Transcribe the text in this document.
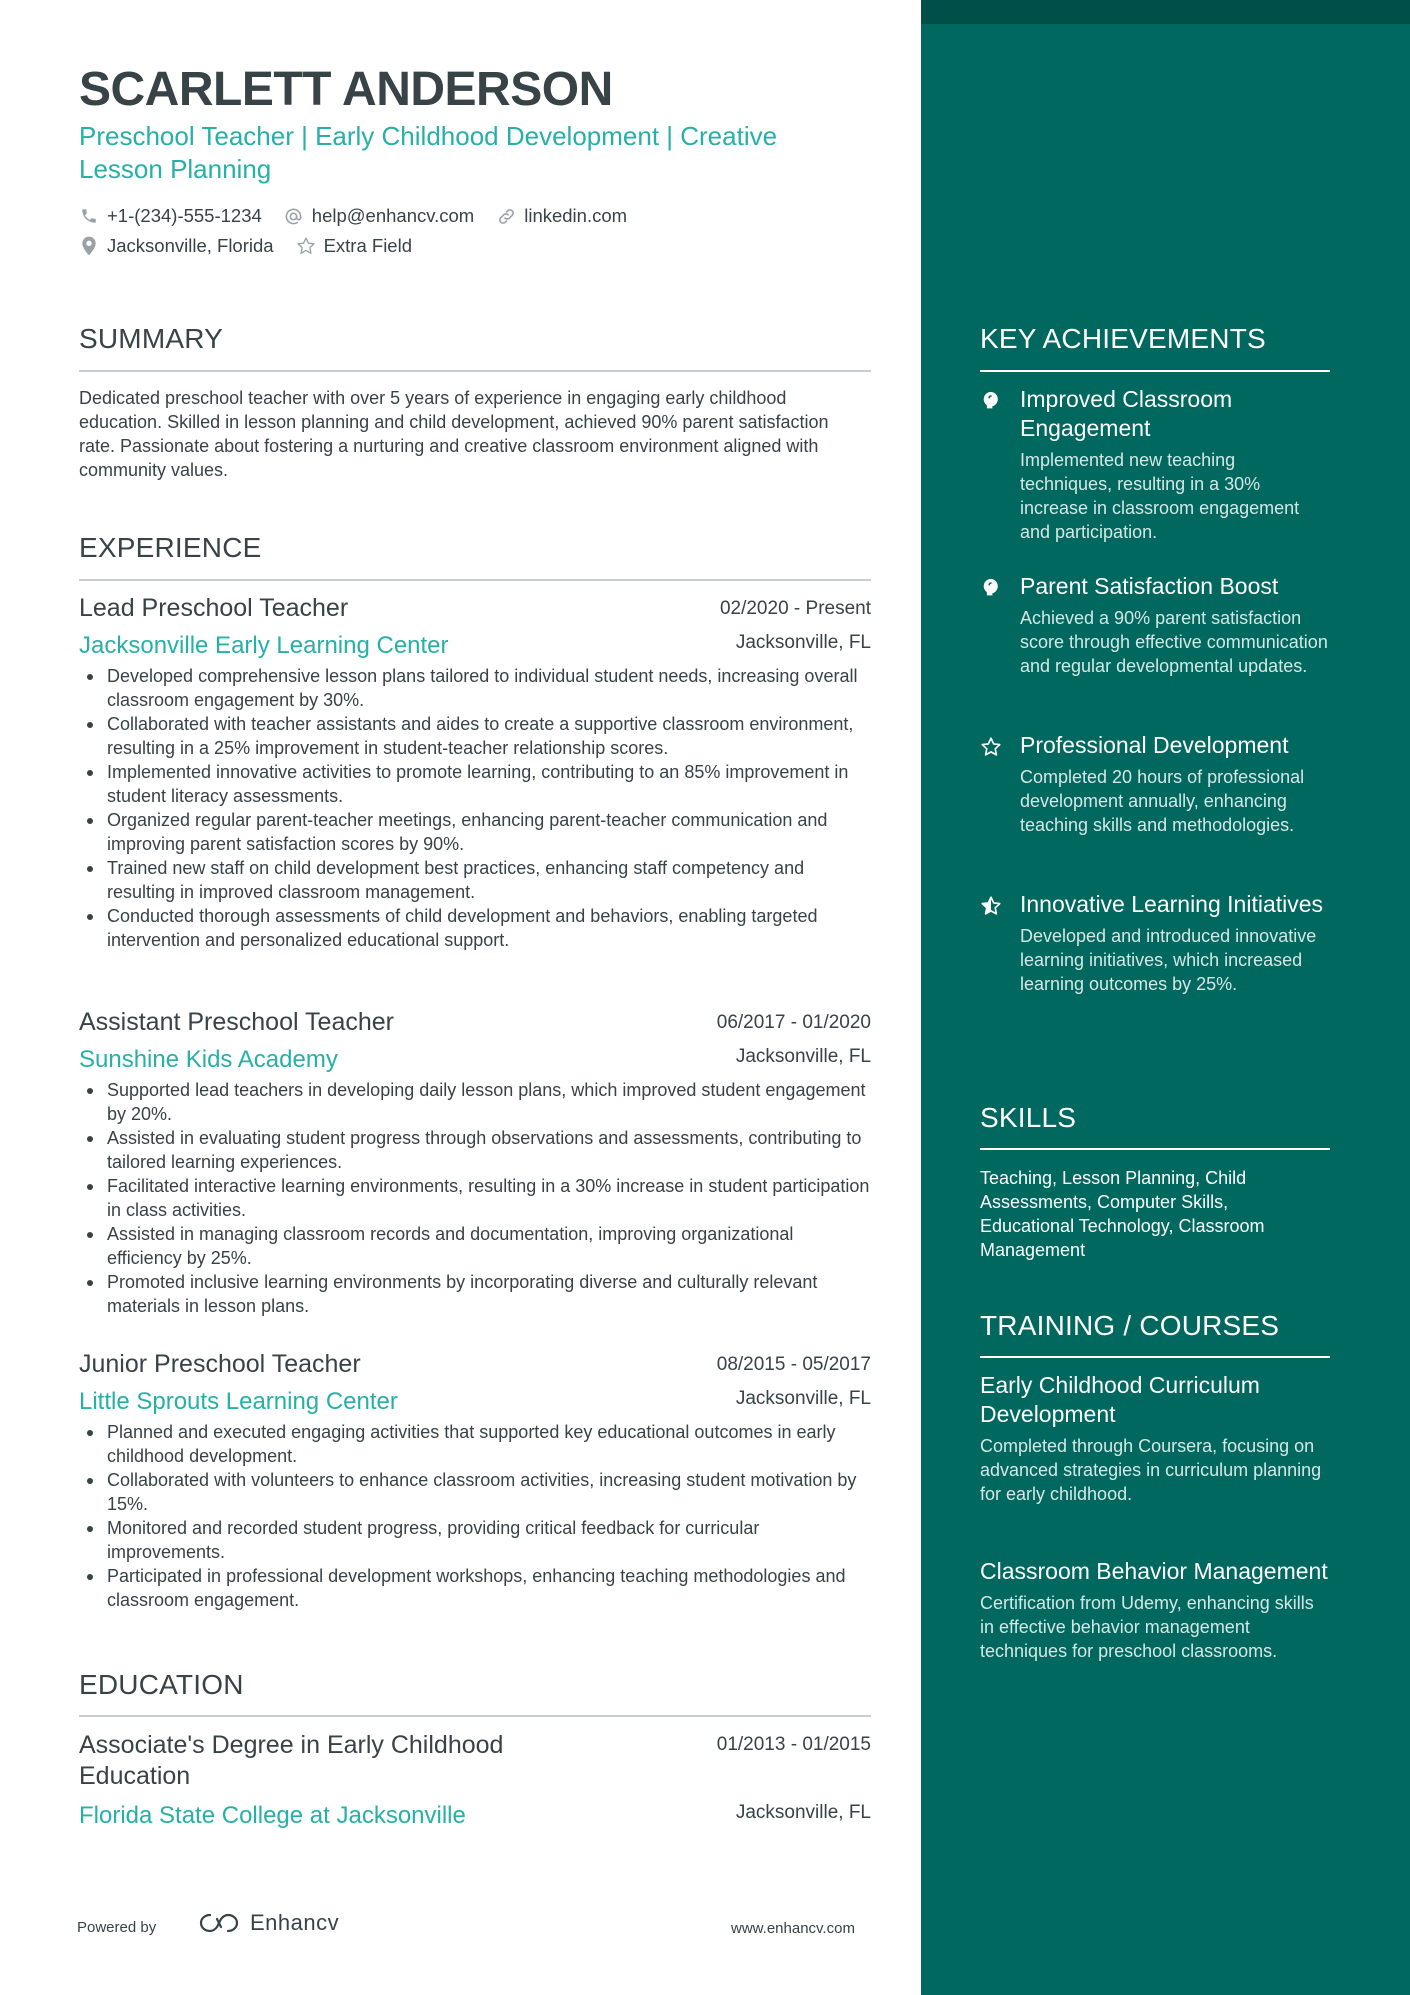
SCARLETT ANDERSON
Preschool Teacher | Early Childhood Development | Creative Lesson Planning
+1-(234)-555-1234	help@enhancv.com	linkedin.com
Jacksonville, Florida	Extra Field
SUMMARY
Dedicated preschool teacher with over 5 years of experience in engaging early childhood education. Skilled in lesson planning and child development, achieved 90% parent satisfaction rate. Passionate about fostering a nurturing and creative classroom environment aligned with community values.
EXPERIENCE
Lead Preschool Teacher	02/2020 - Present
Jacksonville Early Learning Center	Jacksonville, FL
Developed comprehensive lesson plans tailored to individual student needs, increasing overall classroom engagement by 30%.
Collaborated with teacher assistants and aides to create a supportive classroom environment, resulting in a 25% improvement in student-teacher relationship scores.
Implemented innovative activities to promote learning, contributing to an 85% improvement in student literacy assessments.
Organized regular parent-teacher meetings, enhancing parent-teacher communication and improving parent satisfaction scores by 90%.
Trained new staff on child development best practices, enhancing staff competency and resulting in improved classroom management.
Conducted thorough assessments of child development and behaviors, enabling targeted intervention and personalized educational support.
Assistant Preschool Teacher	06/2017 - 01/2020
Sunshine Kids Academy	Jacksonville, FL
Supported lead teachers in developing daily lesson plans, which improved student engagement by 20%.
Assisted in evaluating student progress through observations and assessments, contributing to tailored learning experiences.
Facilitated interactive learning environments, resulting in a 30% increase in student participation in class activities.
Assisted in managing classroom records and documentation, improving organizational efficiency by 25%.
Promoted inclusive learning environments by incorporating diverse and culturally relevant materials in lesson plans.
Junior Preschool Teacher	08/2015 - 05/2017
Little Sprouts Learning Center	Jacksonville, FL
Planned and executed engaging activities that supported key educational outcomes in early childhood development.
Collaborated with volunteers to enhance classroom activities, increasing student motivation by 15%.
Monitored and recorded student progress, providing critical feedback for curricular improvements.
Participated in professional development workshops, enhancing teaching methodologies and classroom engagement.
EDUCATION
Associate's Degree in Early Childhood Education
01/2013 - 01/2015
Florida State College at Jacksonville	Jacksonville, FL
Powered by	Enhancv	www.enhancv.com
KEY ACHIEVEMENTS
Improved Classroom Engagement
Implemented new teaching techniques, resulting in a 30% increase in classroom engagement and participation.
Parent Satisfaction Boost
Achieved a 90% parent satisfaction score through effective communication and regular developmental updates.
Professional Development
Completed 20 hours of professional development annually, enhancing teaching skills and methodologies.
Innovative Learning Initiatives
Developed and introduced innovative learning initiatives, which increased learning outcomes by 25%.
SKILLS
Teaching, Lesson Planning, Child Assessments, Computer Skills, Educational Technology, Classroom Management
TRAINING / COURSES
Early Childhood Curriculum Development
Completed through Coursera, focusing on advanced strategies in curriculum planning for early childhood.
Classroom Behavior Management
Certification from Udemy, enhancing skills in effective behavior management techniques for preschool classrooms.
